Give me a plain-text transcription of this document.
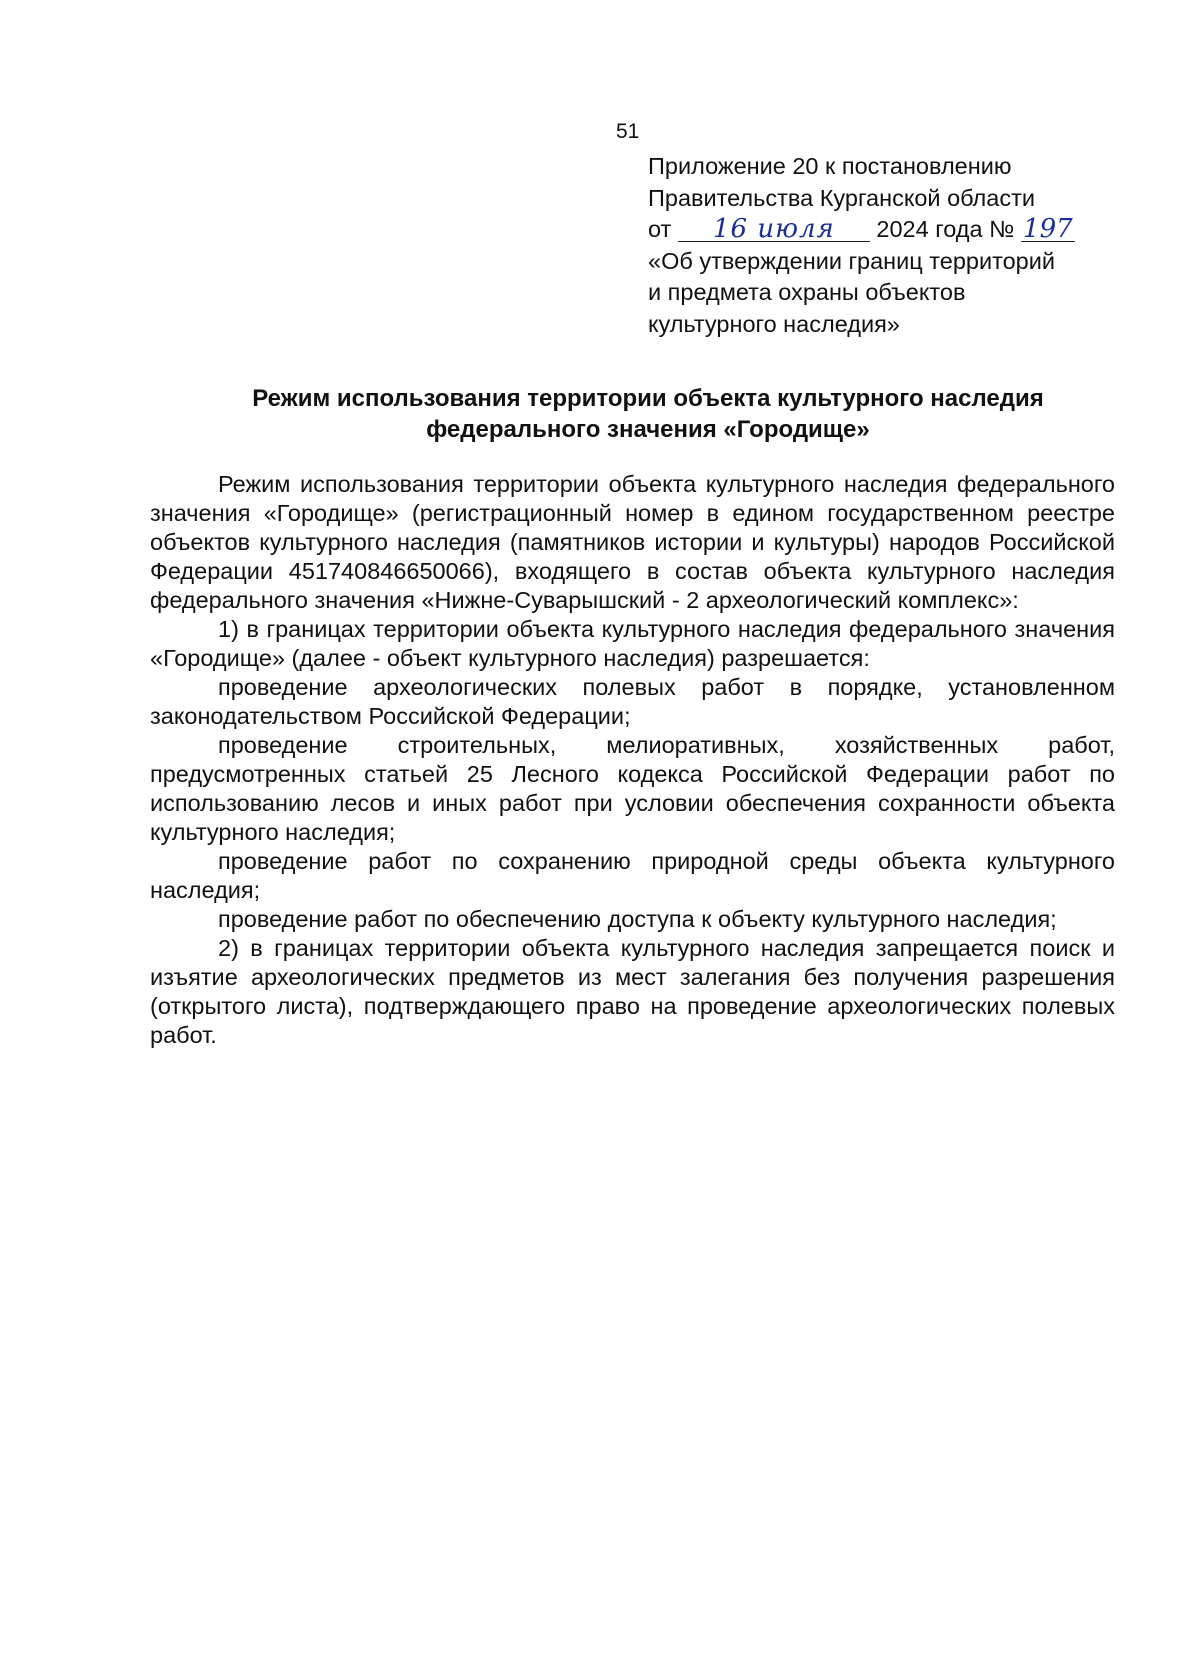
51
Приложение 20 к постановлению
Правительства Курганской области
от 16 июля 2024 года № 197
«Об утверждении границ территорий
и предмета охраны объектов
культурного наследия»
Режим использования территории объекта культурного наследия
федерального значения «Городище»

Режим использования территории объекта культурного наследия федерального значения «Городище» (регистрационный номер в едином государственном реестре объектов культурного наследия (памятников истории и культуры) народов Российской Федерации 451740846650066), входящего в состав объекта культурного наследия федерального значения «Нижне-Суварышский - 2 археологический комплекс»:

1) в границах территории объекта культурного наследия федерального значения «Городище» (далее - объект культурного наследия) разрешается:

проведение археологических полевых работ в порядке, установленном законодательством Российской Федерации;

проведение строительных, мелиоративных, хозяйственных работ, предусмотренных статьей 25 Лесного кодекса Российской Федерации работ по использованию лесов и иных работ при условии обеспечения сохранности объекта культурного наследия;

проведение работ по сохранению природной среды объекта культурного наследия;

проведение работ по обеспечению доступа к объекту культурного наследия;

2) в границах территории объекта культурного наследия запрещается поиск и изъятие археологических предметов из мест залегания без получения разрешения (открытого листа), подтверждающего право на проведение археологических полевых работ.
